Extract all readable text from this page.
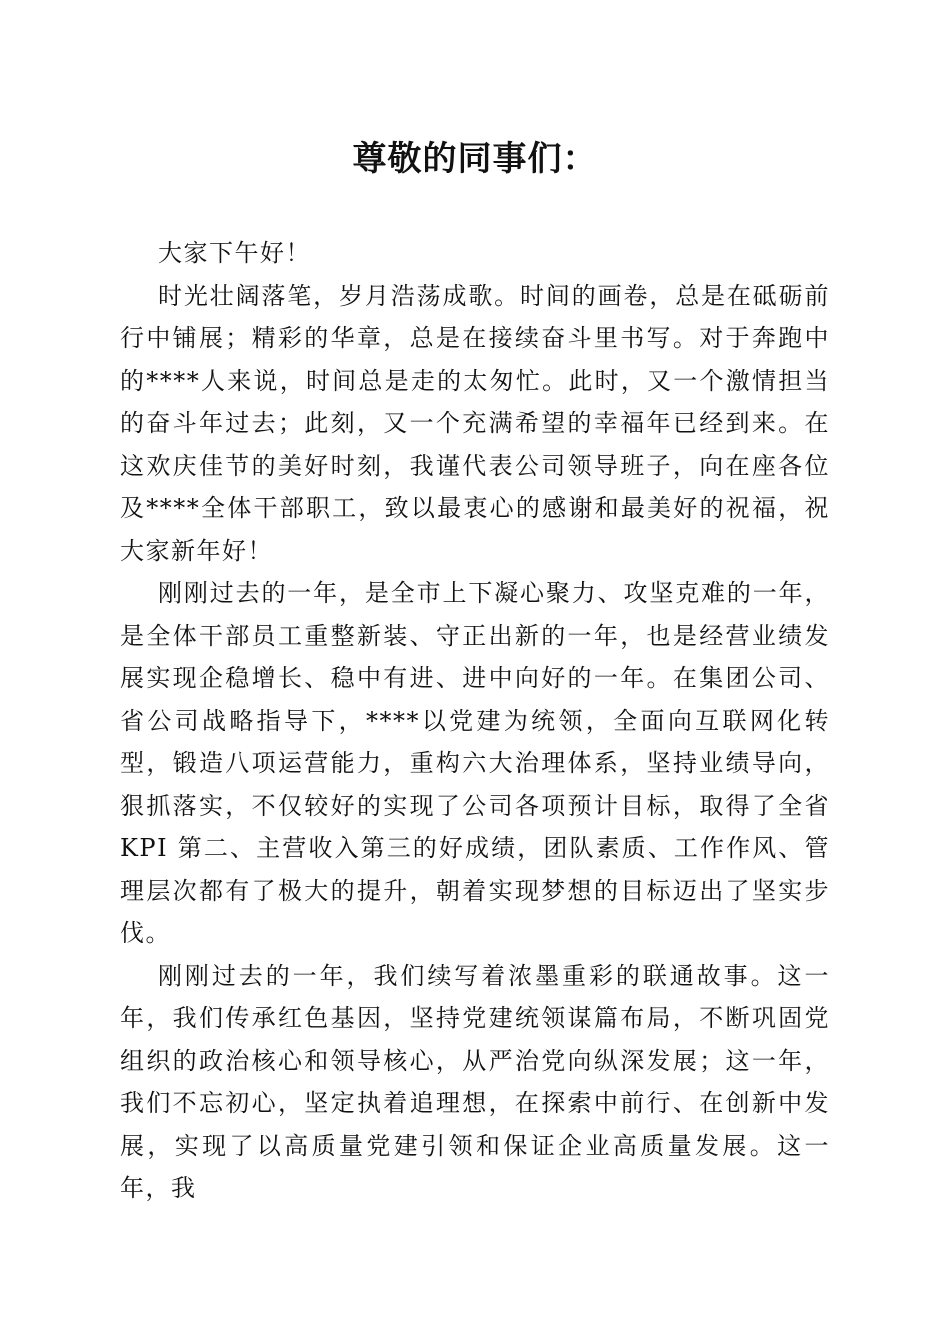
尊敬的同事们：

大家下午好！

时光壮阔落笔，岁月浩荡成歌。时间的画卷，总是在砥砺前行中铺展；精彩的华章，总是在接续奋斗里书写。对于奔跑中的****人来说，时间总是走的太匆忙。此时，又一个激情担当的奋斗年过去；此刻，又一个充满希望的幸福年已经到来。在这欢庆佳节的美好时刻，我谨代表公司领导班子，向在座各位及****全体干部职工，致以最衷心的感谢和最美好的祝福，祝大家新年好！

刚刚过去的一年，是全市上下凝心聚力、攻坚克难的一年，是全体干部员工重整新装、守正出新的一年，也是经营业绩发展实现企稳增长、稳中有进、进中向好的一年。在集团公司、省公司战略指导下，****以党建为统领，全面向互联网化转型，锻造八项运营能力，重构六大治理体系，坚持业绩导向，狠抓落实，不仅较好的实现了公司各项预计目标，取得了全省 KPI 第二、主营收入第三的好成绩，团队素质、工作作风、管理层次都有了极大的提升，朝着实现梦想的目标迈出了坚实步伐。

刚刚过去的一年，我们续写着浓墨重彩的联通故事。这一年，我们传承红色基因，坚持党建统领谋篇布局，不断巩固党组织的政治核心和领导核心，从严治党向纵深发展；这一年，我们不忘初心，坚定执着追理想，在探索中前行、在创新中发展，实现了以高质量党建引领和保证企业高质量发展。这一年，我
